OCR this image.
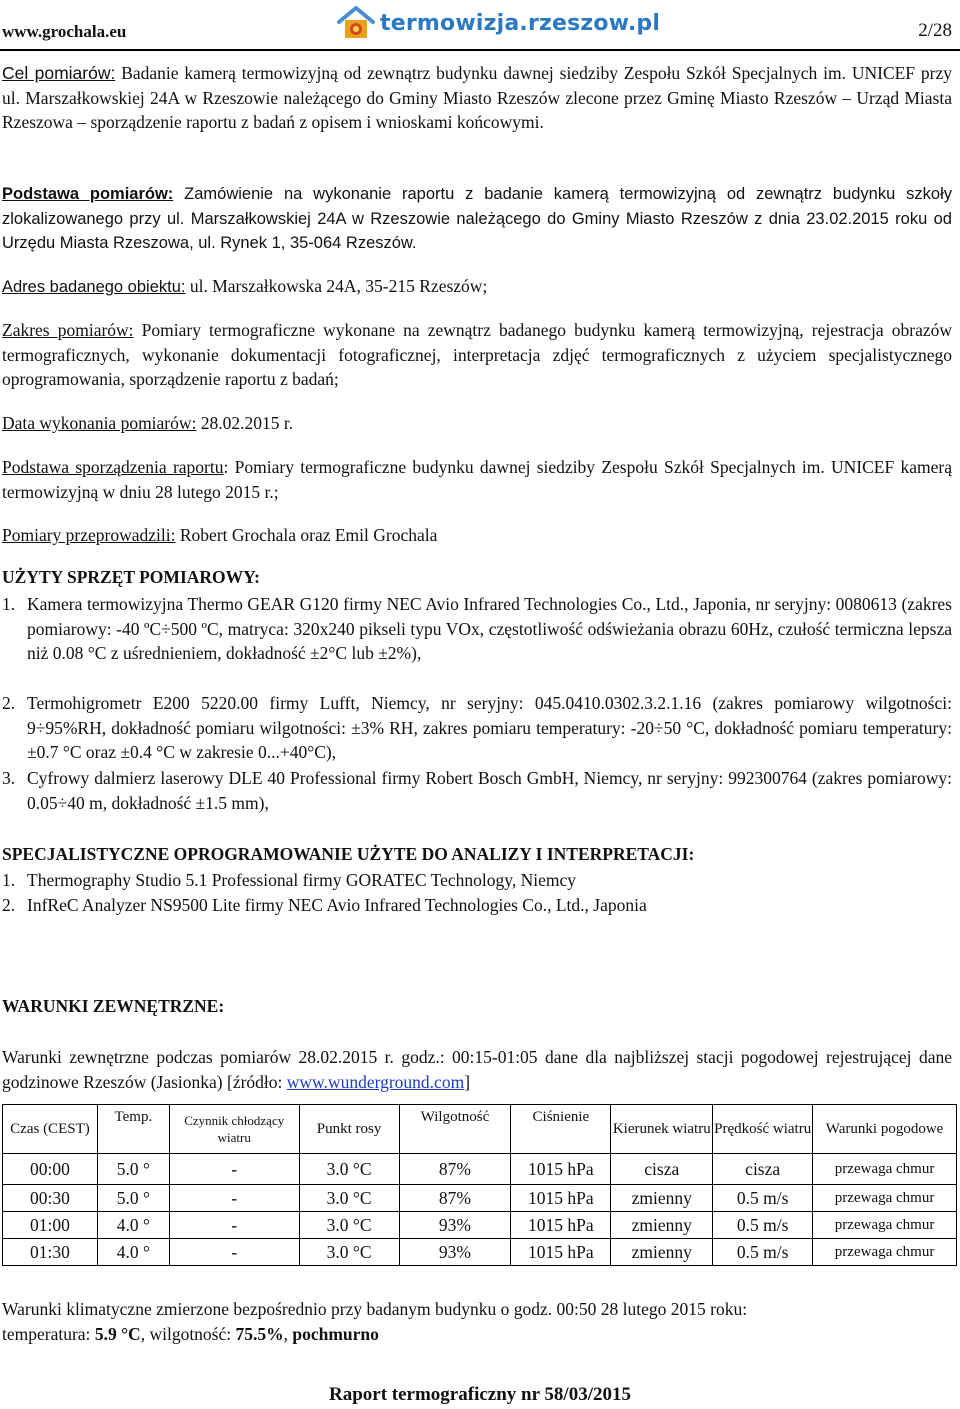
www.grochala.eu	termowizja.rzeszow.pl	2/28
Cel pomiarów: Badanie kamerą termowizyjną od zewnątrz budynku dawnej siedziby Zespołu Szkół Specjalnych im. UNICEF przy ul. Marszałkowskiej 24A w Rzeszowie należącego do Gminy Miasto Rzeszów zlecone przez Gminę Miasto Rzeszów – Urząd Miasta Rzeszowa – sporządzenie raportu z badań z opisem i wnioskami końcowymi.
Podstawa pomiarów: Zamówienie na wykonanie raportu z badanie kamerą termowizyjną od zewnątrz budynku szkoły zlokalizowanego przy ul. Marszałkowskiej 24A w Rzeszowie należącego do Gminy Miasto Rzeszów z dnia 23.02.2015 roku od Urzędu Miasta Rzeszowa, ul. Rynek 1, 35-064 Rzeszów.
Adres badanego obiektu: ul. Marszałkowska 24A, 35-215 Rzeszów;
Zakres pomiarów: Pomiary termograficzne wykonane na zewnątrz badanego budynku kamerą termowizyjną, rejestracja obrazów termograficznych, wykonanie dokumentacji fotograficznej, interpretacja zdjęć termograficznych z użyciem specjalistycznego oprogramowania, sporządzenie raportu z badań;
Data wykonania pomiarów: 28.02.2015 r.
Podstawa sporządzenia raportu: Pomiary termograficzne budynku dawnej siedziby Zespołu Szkół Specjalnych im. UNICEF kamerą termowizyjną w dniu 28 lutego 2015 r.;
Pomiary przeprowadzili: Robert Grochala oraz Emil Grochala
UŻYTY SPRZĘT POMIAROWY:
1. Kamera termowizyjna Thermo GEAR G120 firmy NEC Avio Infrared Technologies Co., Ltd., Japonia, nr seryjny: 0080613 (zakres pomiarowy: -40 ºC÷500 ºC, matryca: 320x240 pikseli typu VOx, częstotliwość odświeżania obrazu 60Hz, czułość termiczna lepsza niż 0.08 °C z uśrednieniem, dokładność ±2°C lub ±2%),
2. Termohigrometr E200 5220.00 firmy Lufft, Niemcy, nr seryjny: 045.0410.0302.3.2.1.16 (zakres pomiarowy wilgotności: 9÷95%RH, dokładność pomiaru wilgotności: ±3% RH, zakres pomiaru temperatury: -20÷50 °C, dokładność pomiaru temperatury: ±0.7 °C oraz ±0.4 °C w zakresie 0...+40°C),
3. Cyfrowy dalmierz laserowy DLE 40 Professional firmy Robert Bosch GmbH, Niemcy, nr seryjny: 992300764 (zakres pomiarowy: 0.05÷40 m, dokładność ±1.5 mm),
SPECJALISTYCZNE OPROGRAMOWANIE UŻYTE DO ANALIZY I INTERPRETACJI:
1. Thermography Studio 5.1 Professional firmy GORATEC Technology, Niemcy
2. InfReC Analyzer NS9500 Lite firmy NEC Avio Infrared Technologies Co., Ltd., Japonia
WARUNKI ZEWNĘTRZNE:
Warunki zewnętrzne podczas pomiarów 28.02.2015 r. godz.: 00:15-01:05 dane dla najbliższej stacji pogodowej rejestrującej dane godzinowe Rzeszów (Jasionka) [źródło: www.wunderground.com]
Czas (CEST)	Temp.	Czynnik chłodzący wiatru	Punkt rosy	Wilgotność	Ciśnienie	Kierunek wiatru	Prędkość wiatru	Warunki pogodowe
00:00	5.0 °	-	3.0 °C	87%	1015 hPa	cisza	cisza	przewaga chmur
00:30	5.0 °	-	3.0 °C	87%	1015 hPa	zmienny	0.5 m/s	przewaga chmur
01:00	4.0 °	-	3.0 °C	93%	1015 hPa	zmienny	0.5 m/s	przewaga chmur
01:30	4.0 °	-	3.0 °C	93%	1015 hPa	zmienny	0.5 m/s	przewaga chmur
Warunki klimatyczne zmierzone bezpośrednio przy badanym budynku o godz. 00:50 28 lutego 2015 roku:
temperatura: 5.9 °C, wilgotność: 75.5%, pochmurno
Raport termograficzny nr 58/03/2015
